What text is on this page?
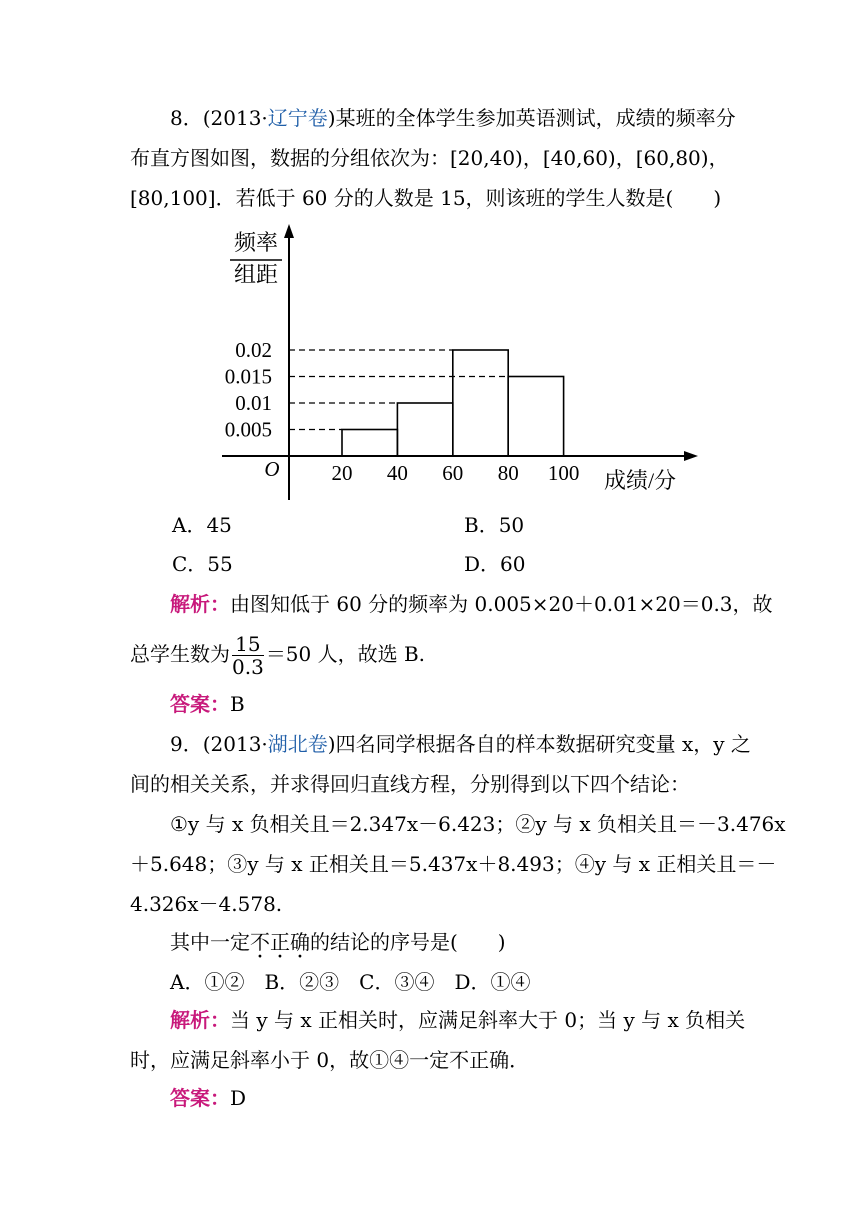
8．(2013·辽宁卷)某班的全体学生参加英语测试，成绩的频率分
布直方图如图，数据的分组依次为：[20,40)，[40,60)，[60,80)，
[80,100]．若低于 60 分的人数是 15，则该班的学生人数是(　　)
频率
组距
O
0.005
0.01
0.015
0.02
20 40 60 80 100 成绩/分
A．45	B．50
C．55	D．60
解析：由图知低于 60 分的频率为 0.005×20＋0.01×20＝0.3，故
总学生数为 $\frac{15}{0.3} =50$ 人，故选 B.
答案：B
9．(2013·湖北卷)四名同学根据各自的样本数据研究变量 x，y 之
间的相关关系，并求得回归直线方程，分别得到以下四个结论：
①y 与 x 负相关且＝2.347x－6.423；②y 与 x 负相关且＝－3.476x
＋5.648；③y 与 x 正相关且＝5.437x＋8.493；④y 与 x 正相关且＝－
4.326x－4.578.
其中一定不正确的结论的序号是(　　)
A．①②　B．②③　C．③④　D．①④
解析：当 y 与 x 正相关时，应满足斜率大于 0；当 y 与 x 负相关
时，应满足斜率小于 0，故①④一定不正确．
答案：D
